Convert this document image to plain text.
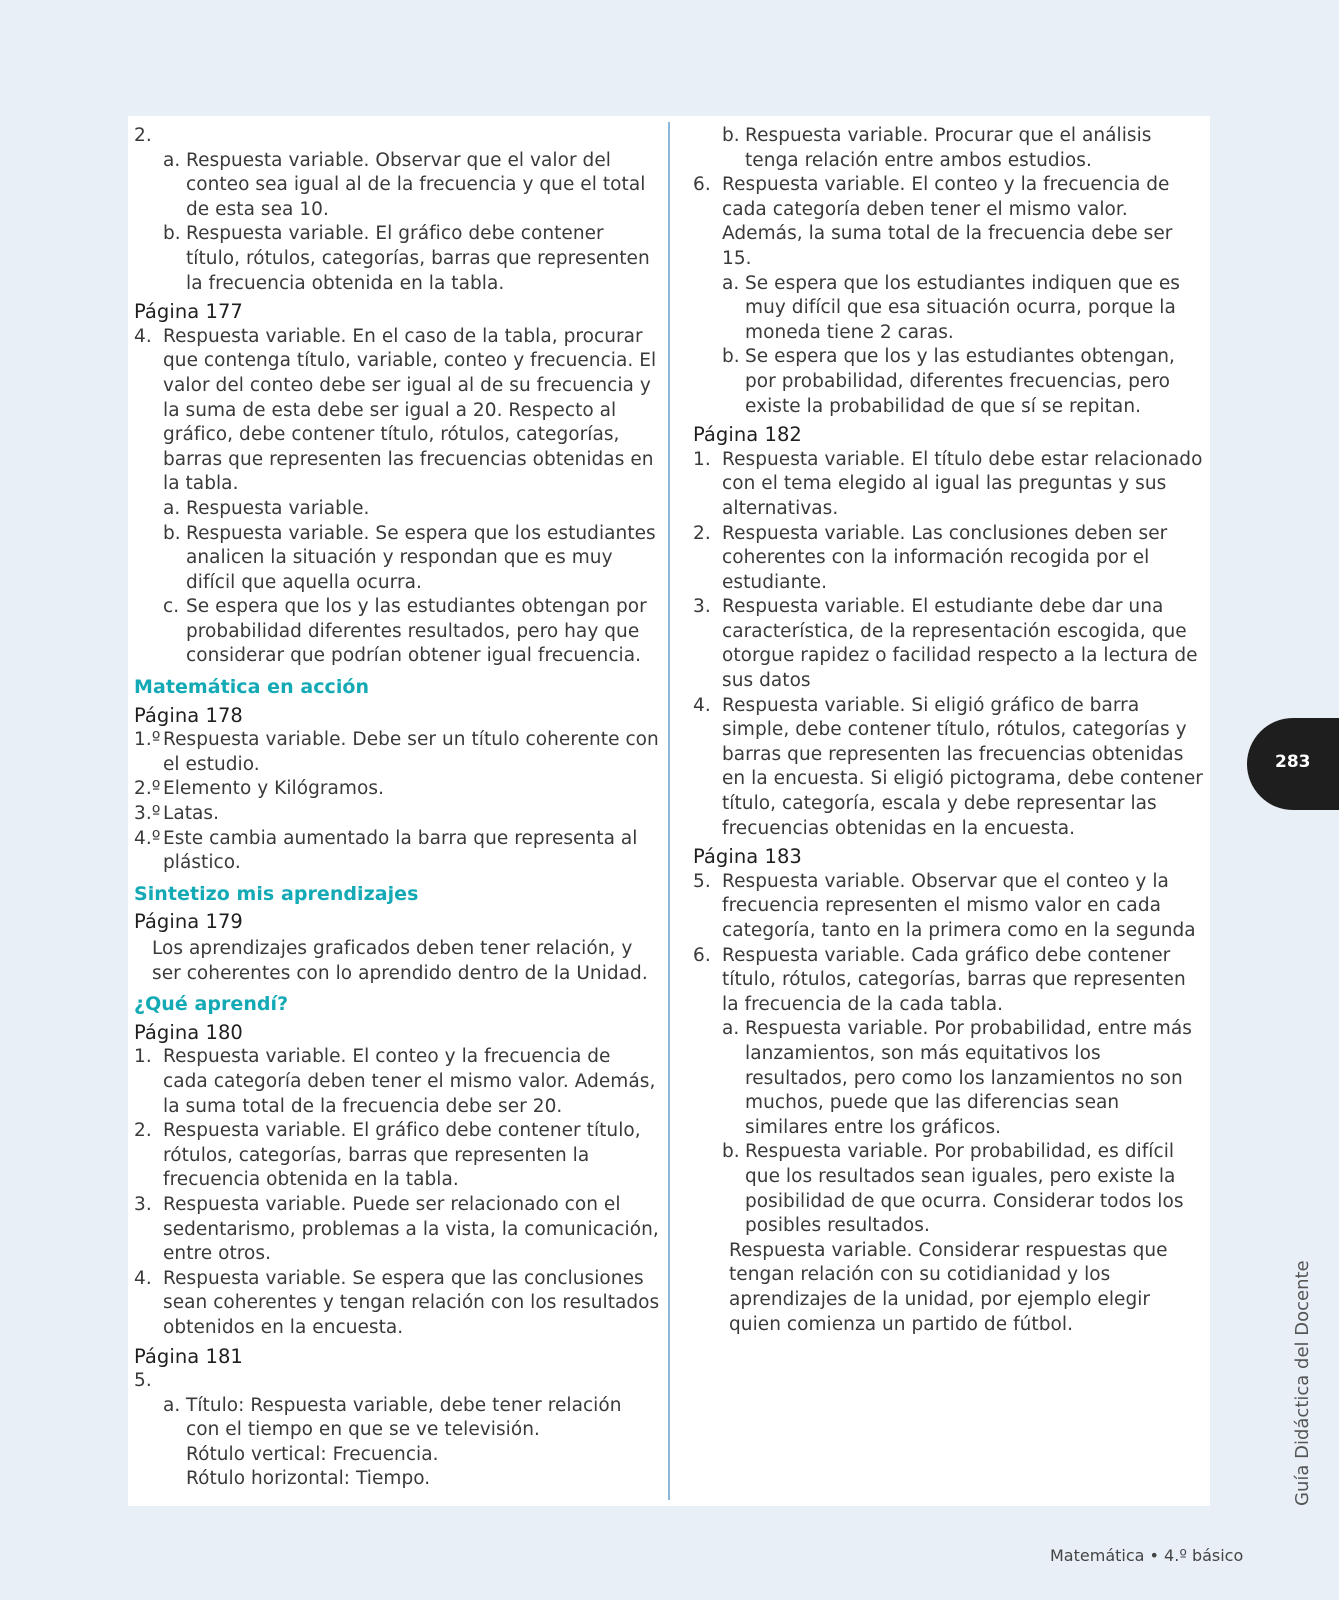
2.
a. Respuesta variable. Observar que el valor del conteo sea igual al de la frecuencia y que el total de esta sea 10.
b. Respuesta variable. El gráfico debe contener título, rótulos, categorías, barras que representen la frecuencia obtenida en la tabla.
Página 177
4. Respuesta variable. En el caso de la tabla, procurar que contenga título, variable, conteo y frecuencia. El valor del conteo debe ser igual al de su frecuencia y la suma de esta debe ser igual a 20. Respecto al gráfico, debe contener título, rótulos, categorías, barras que representen las frecuencias obtenidas en la tabla.
a. Respuesta variable.
b. Respuesta variable. Se espera que los estudiantes analicen la situación y respondan que es muy difícil que aquella ocurra.
c. Se espera que los y las estudiantes obtengan por probabilidad diferentes resultados, pero hay que considerar que podrían obtener igual frecuencia.
Matemática en acción
Página 178
1.º Respuesta variable. Debe ser un título coherente con el estudio.
2.º Elemento y Kilógramos.
3.º Latas.
4.º Este cambia aumentado la barra que representa al plástico.
Sintetizo mis aprendizajes
Página 179
Los aprendizajes graficados deben tener relación, y ser coherentes con lo aprendido dentro de la Unidad.
¿Qué aprendí?
Página 180
1. Respuesta variable. El conteo y la frecuencia de cada categoría deben tener el mismo valor. Además, la suma total de la frecuencia debe ser 20.
2. Respuesta variable. El gráfico debe contener título, rótulos, categorías, barras que representen la frecuencia obtenida en la tabla.
3. Respuesta variable. Puede ser relacionado con el sedentarismo, problemas a la vista, la comunicación, entre otros.
4. Respuesta variable. Se espera que las conclusiones sean coherentes y tengan relación con los resultados obtenidos en la encuesta.
Página 181
5.
a. Título: Respuesta variable, debe tener relación con el tiempo en que se ve televisión.
Rótulo vertical: Frecuencia.
Rótulo horizontal: Tiempo.
b. Respuesta variable. Procurar que el análisis tenga relación entre ambos estudios.
6. Respuesta variable. El conteo y la frecuencia de cada categoría deben tener el mismo valor. Además, la suma total de la frecuencia debe ser 15.
a. Se espera que los estudiantes indiquen que es muy difícil que esa situación ocurra, porque la moneda tiene 2 caras.
b. Se espera que los y las estudiantes obtengan, por probabilidad, diferentes frecuencias, pero existe la probabilidad de que sí se repitan.
Página 182
1. Respuesta variable. El título debe estar relacionado con el tema elegido al igual las preguntas y sus alternativas.
2. Respuesta variable. Las conclusiones deben ser coherentes con la información recogida por el estudiante.
3. Respuesta variable. El estudiante debe dar una característica, de la representación escogida, que otorgue rapidez o facilidad respecto a la lectura de sus datos
4. Respuesta variable. Si eligió gráfico de barra simple, debe contener título, rótulos, categorías y barras que representen las frecuencias obtenidas en la encuesta. Si eligió pictograma, debe contener título, categoría, escala y debe representar las frecuencias obtenidas en la encuesta.
Página 183
5. Respuesta variable. Observar que el conteo y la frecuencia representen el mismo valor en cada categoría, tanto en la primera como en la segunda
6. Respuesta variable. Cada gráfico debe contener título, rótulos, categorías, barras que representen la frecuencia de la cada tabla.
a. Respuesta variable. Por probabilidad, entre más lanzamientos, son más equitativos los resultados, pero como los lanzamientos no son muchos, puede que las diferencias sean similares entre los gráficos.
b. Respuesta variable. Por probabilidad, es difícil que los resultados sean iguales, pero existe la posibilidad de que ocurra. Considerar todos los posibles resultados.
Respuesta variable. Considerar respuestas que tengan relación con su cotidianidad y los aprendizajes de la unidad, por ejemplo elegir quien comienza un partido de fútbol.
283
Guía Didáctica del Docente
Matemática • 4.º básico
